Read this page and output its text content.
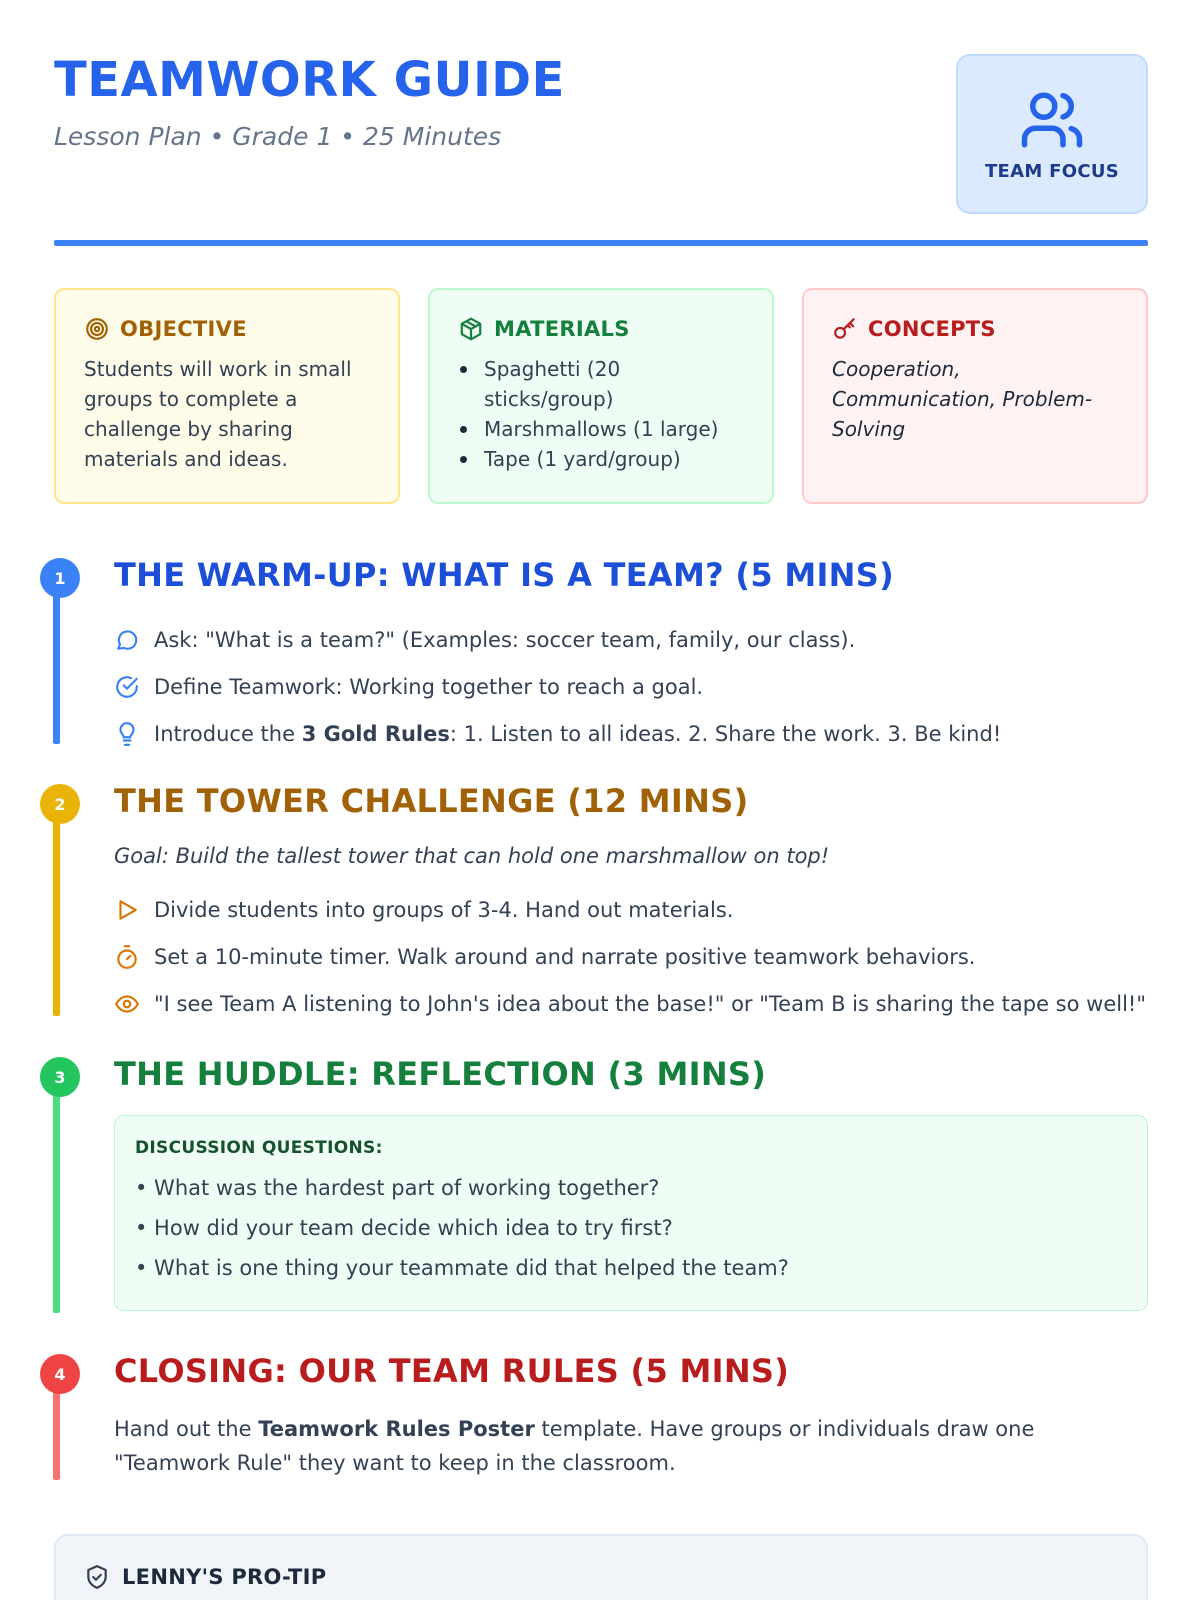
TEAMWORK GUIDE
Lesson Plan • Grade 1 • 25 Minutes
TEAM FOCUS
OBJECTIVE
Students will work in small groups to complete a challenge by sharing materials and ideas.
MATERIALS
Spaghetti (20 sticks/group)
Marshmallows (1 large)
Tape (1 yard/group)
CONCEPTS
Cooperation, Communication, Problem-Solving
1	THE WARM-UP: WHAT IS A TEAM? (5 MINS)
Ask: "What is a team?" (Examples: soccer team, family, our class).
Define Teamwork: Working together to reach a goal.
Introduce the 3 Gold Rules: 1. Listen to all ideas. 2. Share the work. 3. Be kind!
2	THE TOWER CHALLENGE (12 MINS)
Goal: Build the tallest tower that can hold one marshmallow on top!
Divide students into groups of 3-4. Hand out materials.
Set a 10-minute timer. Walk around and narrate positive teamwork behaviors.
"I see Team A listening to John's idea about the base!" or "Team B is sharing the tape so well!"
3	THE HUDDLE: REFLECTION (3 MINS)
DISCUSSION QUESTIONS:
• What was the hardest part of working together?
• How did your team decide which idea to try first?
• What is one thing your teammate did that helped the team?
4	CLOSING: OUR TEAM RULES (5 MINS)
Hand out the Teamwork Rules Poster template. Have groups or individuals draw one "Teamwork Rule" they want to keep in the classroom.
LENNY'S PRO-TIP
